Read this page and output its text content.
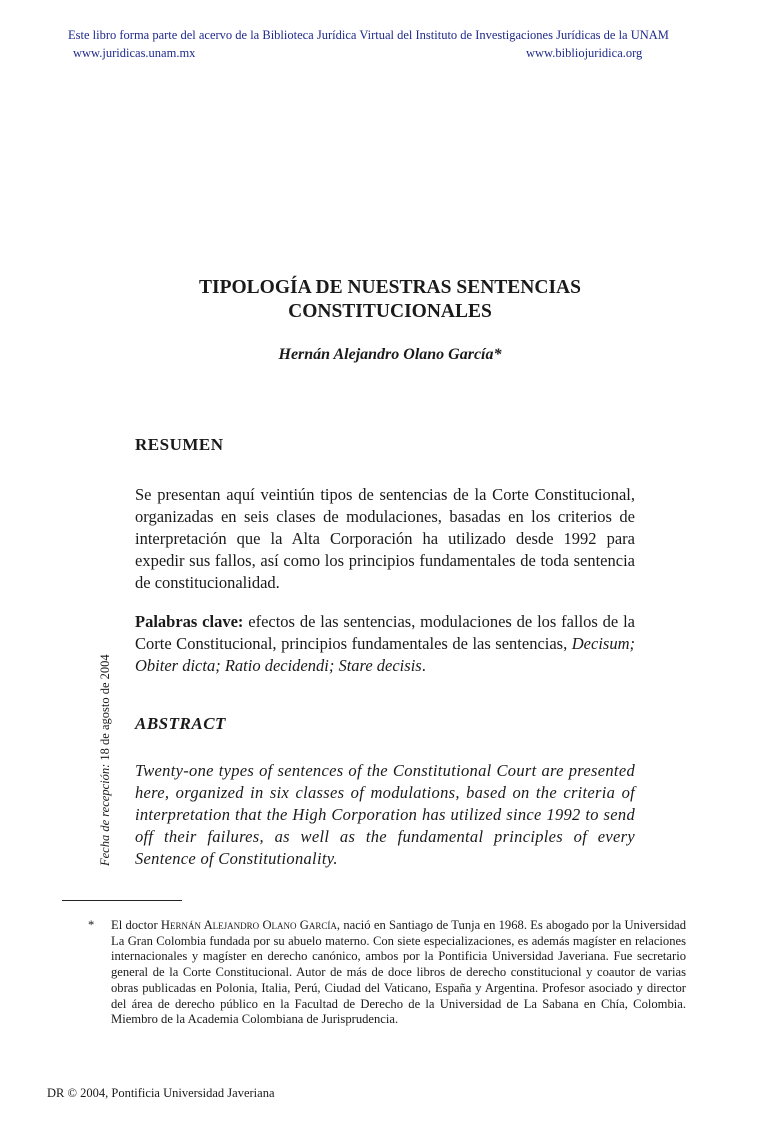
Este libro forma parte del acervo de la Biblioteca Jurídica Virtual del Instituto de Investigaciones Jurídicas de la UNAM
www.juridicas.unam.mx	www.bibliojuridica.org
TIPOLOGÍA DE NUESTRAS SENTENCIAS
CONSTITUCIONALES
Hernán Alejandro Olano García*
RESUMEN
Se presentan aquí veintiún tipos de sentencias de la Corte Constitucional, organizadas en seis clases de modulaciones, basadas en los criterios de interpretación que la Alta Corporación ha utilizado desde 1992 para expedir sus fallos, así como los principios fundamentales de toda sentencia de constitucionalidad.
Palabras clave: efectos de las sentencias, modulaciones de los fallos de la Corte Constitucional, principios fundamentales de las sentencias, Decisum; Obiter dicta; Ratio decidendi; Stare decisis.
ABSTRACT
Twenty-one types of sentences of the Constitutional Court are presented here, organized in six classes of modulations, based on the criteria of interpretation that the High Corporation has utilized since 1992 to send off their failures, as well as the fundamental principles of every Sentence of Constitutionality.
Fecha de recepción: 18 de agosto de 2004
* El doctor Hernán Alejandro Olano García, nació en Santiago de Tunja en 1968. Es abogado por la Universidad La Gran Colombia fundada por su abuelo materno. Con siete especializaciones, es además magíster en relaciones internacionales y magíster en derecho canónico, ambos por la Pontificia Universidad Javeriana. Fue secretario general de la Corte Constitucional. Autor de más de doce libros de derecho constitucional y coautor de varias obras publicadas en Polonia, Italia, Perú, Ciudad del Vaticano, España y Argentina. Profesor asociado y director del área de derecho público en la Facultad de Derecho de la Universidad de La Sabana en Chía, Colombia. Miembro de la Academia Colombiana de Jurisprudencia.
DR © 2004, Pontificia Universidad Javeriana
